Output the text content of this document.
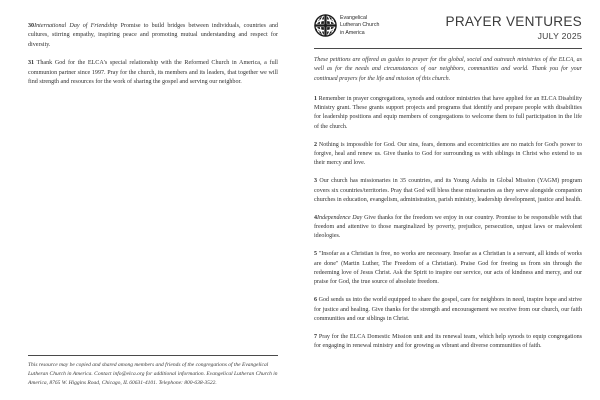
30International Day of Friendship Promise to build bridges between individuals, countries and cultures, stirring empathy, inspiring peace and promoting mutual understanding and respect for diversity.

31 Thank God for the ELCA's special relationship with the Reformed Church in America, a full communion partner since 1997. Pray for the church, its members and its leaders, that together we will find strength and resources for the work of sharing the gospel and serving our neighbor.

This resource may be copied and shared among members and friends of the congregations of the Evangelical Lutheran Church in America. Contact info@elca.org for additional information. Evangelical Lutheran Church in America, 8765 W. Higgins Road, Chicago, IL 60631-4101. Telephone: 800-638-3522.

Evangelical
Lutheran Church
in America
PRAYER VENTURES
JULY 2025

These petitions are offered as guides to prayer for the global, social and outreach ministries of the ELCA, as well as for the needs and circumstances of our neighbors, communities and world. Thank you for your continued prayers for the life and mission of this church.

1 Remember in prayer congregations, synods and outdoor ministries that have applied for an ELCA Disability Ministry grant. These grants support projects and programs that identify and prepare people with disabilities for leadership positions and equip members of congregations to welcome them to full participation in the life of the church.

2 Nothing is impossible for God. Our sins, fears, demons and eccentricities are no match for God's power to forgive, heal and renew us. Give thanks to God for surrounding us with siblings in Christ who extend to us their mercy and love.

3 Our church has missionaries in 35 countries, and its Young Adults in Global Mission (YAGM) program covers six countries/territories. Pray that God will bless these missionaries as they serve alongside companion churches in education, evangelism, administration, parish ministry, leadership development, justice and health.

4Independence Day Give thanks for the freedom we enjoy in our country. Promise to be responsible with that freedom and attentive to those marginalized by poverty, prejudice, persecution, unjust laws or malevolent ideologies.

5 "Insofar as a Christian is free, no works are necessary. Insofar as a Christian is a servant, all kinds of works are done" (Martin Luther, The Freedom of a Christian). Praise God for freeing us from sin through the redeeming love of Jesus Christ. Ask the Spirit to inspire our service, our acts of kindness and mercy, and our praise for God, the true source of absolute freedom.

6 God sends us into the world equipped to share the gospel, care for neighbors in need, inspire hope and strive for justice and healing. Give thanks for the strength and encouragement we receive from our church, our faith communities and our siblings in Christ.

7 Pray for the ELCA Domestic Mission unit and its renewal team, which help synods to equip congregations for engaging in renewal ministry and for growing as vibrant and diverse communities of faith.
